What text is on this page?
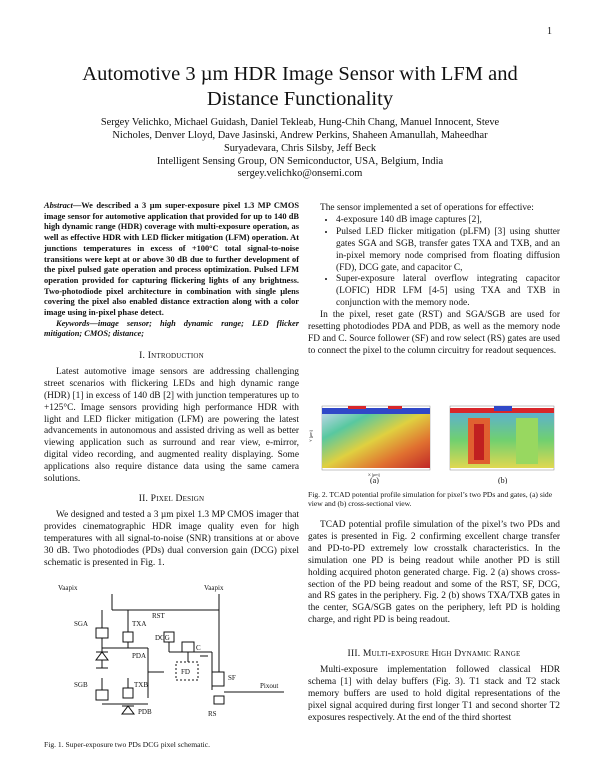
1
Automotive 3 µm HDR Image Sensor with LFM and
Distance Functionality
Sergey Velichko, Michael Guidash, Daniel Tekleab, Hung-Chih Chang, Manuel Innocent, Steve
Nicholes, Denver Lloyd, Dave Jasinski, Andrew Perkins, Shaheen Amanullah, Maheedhar
Suryadevara, Chris Silsby, Jeff Beck
Intelligent Sensing Group, ON Semiconductor, USA, Belgium, India
sergey.velichko@onsemi.com
Abstract—We described a 3 µm super-exposure pixel 1.3 MP CMOS image sensor for automotive application that provided for up to 140 dB high dynamic range (HDR) coverage with multi-exposure operation, as well as effective HDR with LED flicker mitigation (LFM) operation. At junctions temperatures in excess of +100°C total signal-to-noise transitions were kept at or above 30 dB due to further development of the pixel pulsed gate operation and process optimization. Pulsed LFM operation provided for capturing flickering lights of any brightness. Two-photodiode pixel architecture in combination with single µlens covering the pixel also enabled distance extraction along with a color image using in-pixel phase detect.
Keywords—image sensor; high dynamic range; LED flicker mitigation; CMOS; distance;
I. Introduction

Latest automotive image sensors are addressing challenging street scenarios with flickering LEDs and high dynamic range (HDR) [1] in excess of 140 dB [2] with junction temperatures up to +125°C. Image sensors providing high performance HDR with light and LED flicker mitigation (LFM) are powering the latest advancements in autonomous and assisted driving as well as better viewing application such as surround and rear view, e-mirror, digital video recording, and augmented reality displaying. Some applications also require distance data using the same camera solutions.

II. Pixel Design

We designed and tested a 3 µm pixel 1.3 MP CMOS imager that provides cinematographic HDR image quality even for high temperatures with all signal-to-noise (SNR) transitions at or above 30 dB. Two photodiodes (PDs) dual conversion gain (DCG) pixel schematic is presented in Fig. 1.

Vaapix	Vaapix
SGA	TXA
RST
DCG
C
FD
PDA
SGB	TXB
PDB
SF
Pixout
RS
Fig. 1. Super-exposure two PDs DCG pixel schematic.

The sensor implemented a set of operations for effective:

• 4-exposure 140 dB image captures [2],
• Pulsed LED flicker mitigation (pLFM) [3] using shutter gates SGA and SGB, transfer gates TXA and TXB, and an in-pixel memory node comprised from floating diffusion (FD), DCG gate, and capacitor C,
• Super-exposure lateral overflow integrating capacitor (LOFIC) HDR LFM [4-5] using TXA and TXB in conjunction with the memory node.

In the pixel, reset gate (RST) and SGA/SGB are used for resetting photodiodes PDA and PDB, as well as the memory node FD and C. Source follower (SF) and row select (RS) gates are used to connect the pixel to the column circuitry for readout sequences.

Y [µm]
X [µm]
(a)	(b)
Fig. 2. TCAD potential profile simulation for pixel’s two PDs and gates, (a) side view and (b) cross-sectional view.

TCAD potential profile simulation of the pixel’s two PDs and gates is presented in Fig. 2 confirming excellent charge transfer and PD-to-PD extremely low crosstalk characteristics. In the simulation one PD is being readout while another PD is still holding acquired photon generated charge. Fig. 2 (a) shows cross-section of the PD being readout and some of the RST, SF, DCG, and RS gates in the periphery. Fig. 2 (b) shows TXA/TXB gates in the center, SGA/SGB gates on the periphery, left PD is holding charge, and right PD is being readout.

III. Multi-exposure High Dynamic Range

Multi-exposure implementation followed classical HDR schema [1] with delay buffers (Fig. 3). T1 stack and T2 stack memory buffers are used to hold digital representations of the pixel signal acquired during first longer T1 and second shorter T2 exposures respectively. At the end of the third shortest
